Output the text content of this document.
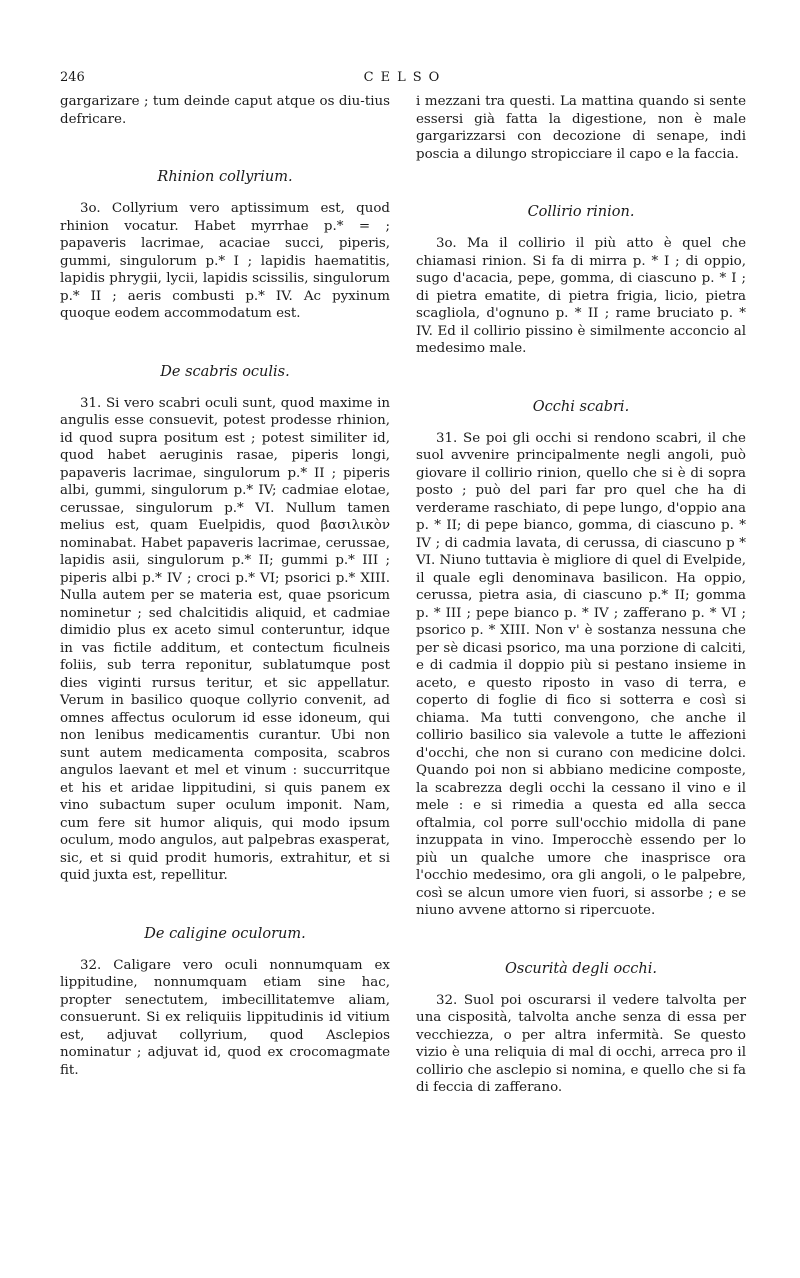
246	CELSO

gargarizare ; tum deinde caput atque os diu-tius defricare.

Rhinion collyrium.

3o. Collyrium vero aptissimum est, quod rhinion vocatur. Habet myrrhae p.* = ; papaveris lacrimae, acaciae succi, piperis, gummi, singulorum p.* I ; lapidis haematitis, lapidis phrygii, lycii, lapidis scissilis, singulorum p.* II ; aeris combusti p.* IV. Ac pyxinum quoque eodem accommodatum est.

De scabris oculis.

31. Si vero scabri oculi sunt, quod maxime in angulis esse consuevit, potest prodesse rhinion, id quod supra positum est ; potest similiter id, quod habet aeruginis rasae, piperis longi, papaveris lacrimae, singulorum p.* II ; piperis albi, gummi, singulorum p.* IV; cadmiae elotae, cerussae, singulorum p.* VI. Nullum tamen melius est, quam Euelpidis, quod βασιλικὸν nominabat. Habet papaveris lacrimae, cerussae, lapidis asii, singulorum p.* II; gummi p.* III ; piperis albi p.* IV ; croci p.* VI; psorici p.* XIII. Nulla autem per se materia est, quae psoricum nominetur ; sed chalcitidis aliquid, et cadmiae dimidio plus ex aceto simul conteruntur, idque in vas fictile additum, et contectum ficulneis foliis, sub terra reponitur, sublatumque post dies viginti rursus teritur, et sic appellatur. Verum in basilico quoque collyrio convenit, ad omnes affectus oculorum id esse idoneum, qui non lenibus medicamentis curantur. Ubi non sunt autem medicamenta composita, scabros angulos laevant et mel et vinum : succurritque et his et aridae lippitudini, si quis panem ex vino subactum super oculum imponit. Nam, cum fere sit humor aliquis, qui modo ipsum oculum, modo angulos, aut palpebras exasperat, sic, et si quid prodit humoris, extrahitur, et si quid juxta est, repellitur.

De caligine oculorum.

32. Caligare vero oculi nonnumquam ex lippitudine, nonnumquam etiam sine hac, propter senectutem, imbecillitatemve aliam, consuerunt. Si ex reliquiis lippitudinis id vitium est, adjuvat collyrium, quod Asclepios nominatur ; adjuvat id, quod ex crocomagmate fit.

i mezzani tra questi. La mattina quando si sente essersi già fatta la digestione, non è male gargarizzarsi con decozione di senape, indi poscia a dilungo stropicciare il capo e la faccia.

Collirio rinion.

3o. Ma il collirio il più atto è quel che chiamasi rinion. Si fa di mirra p. * I ; di oppio, sugo d'acacia, pepe, gomma, di ciascuno p. * I ; di pietra ematite, di pietra frigia, licio, pietra scagliola, d'ognuno p. * II ; rame bruciato p. * IV. Ed il collirio pissino è similmente acconcio al medesimo male.

Occhi scabri.

31. Se poi gli occhi si rendono scabri, il che suol avvenire principalmente negli angoli, può giovare il collirio rinion, quello che si è di sopra posto ; può del pari far pro quel che ha di verderame raschiato, di pepe lungo, d'oppio ana p. * II; di pepe bianco, gomma, di ciascuno p. * IV ; di cadmia lavata, di cerussa, di ciascuno p * VI. Niuno tuttavia è migliore di quel di Evelpide, il quale egli denominava basilicon. Ha oppio, cerussa, pietra asia, di ciascuno p.* II; gomma p. * III ; pepe bianco p. * IV ; zafferano p. * VI ; psorico p. * XIII. Non v' è sostanza nessuna che per sè dicasi psorico, ma una porzione di calciti, e di cadmia il doppio più si pestano insieme in aceto, e questo riposto in vaso di terra, e coperto di foglie di fico si sotterra e così si chiama. Ma tutti convengono, che anche il collirio basilico sia valevole a tutte le affezioni d'occhi, che non si curano con medicine dolci. Quando poi non si abbiano medicine composte, la scabrezza degli occhi la cessano il vino e il mele : e si rimedia a questa ed alla secca oftalmia, col porre sull'occhio midolla di pane inzuppata in vino. Imperocchè essendo per lo più un qualche umore che inasprisce ora l'occhio medesimo, ora gli angoli, o le palpebre, così se alcun umore vien fuori, si assorbe ; e se niuno avvene attorno si ripercuote.

Oscurità degli occhi.

32. Suol poi oscurarsi il vedere talvolta per una cisposità, talvolta anche senza di essa per vecchiezza, o per altra infermità. Se questo vizio è una reliquia di mal di occhi, arreca pro il collirio che asclepio si nomina, e quello che si fa di feccia di zafferano.
